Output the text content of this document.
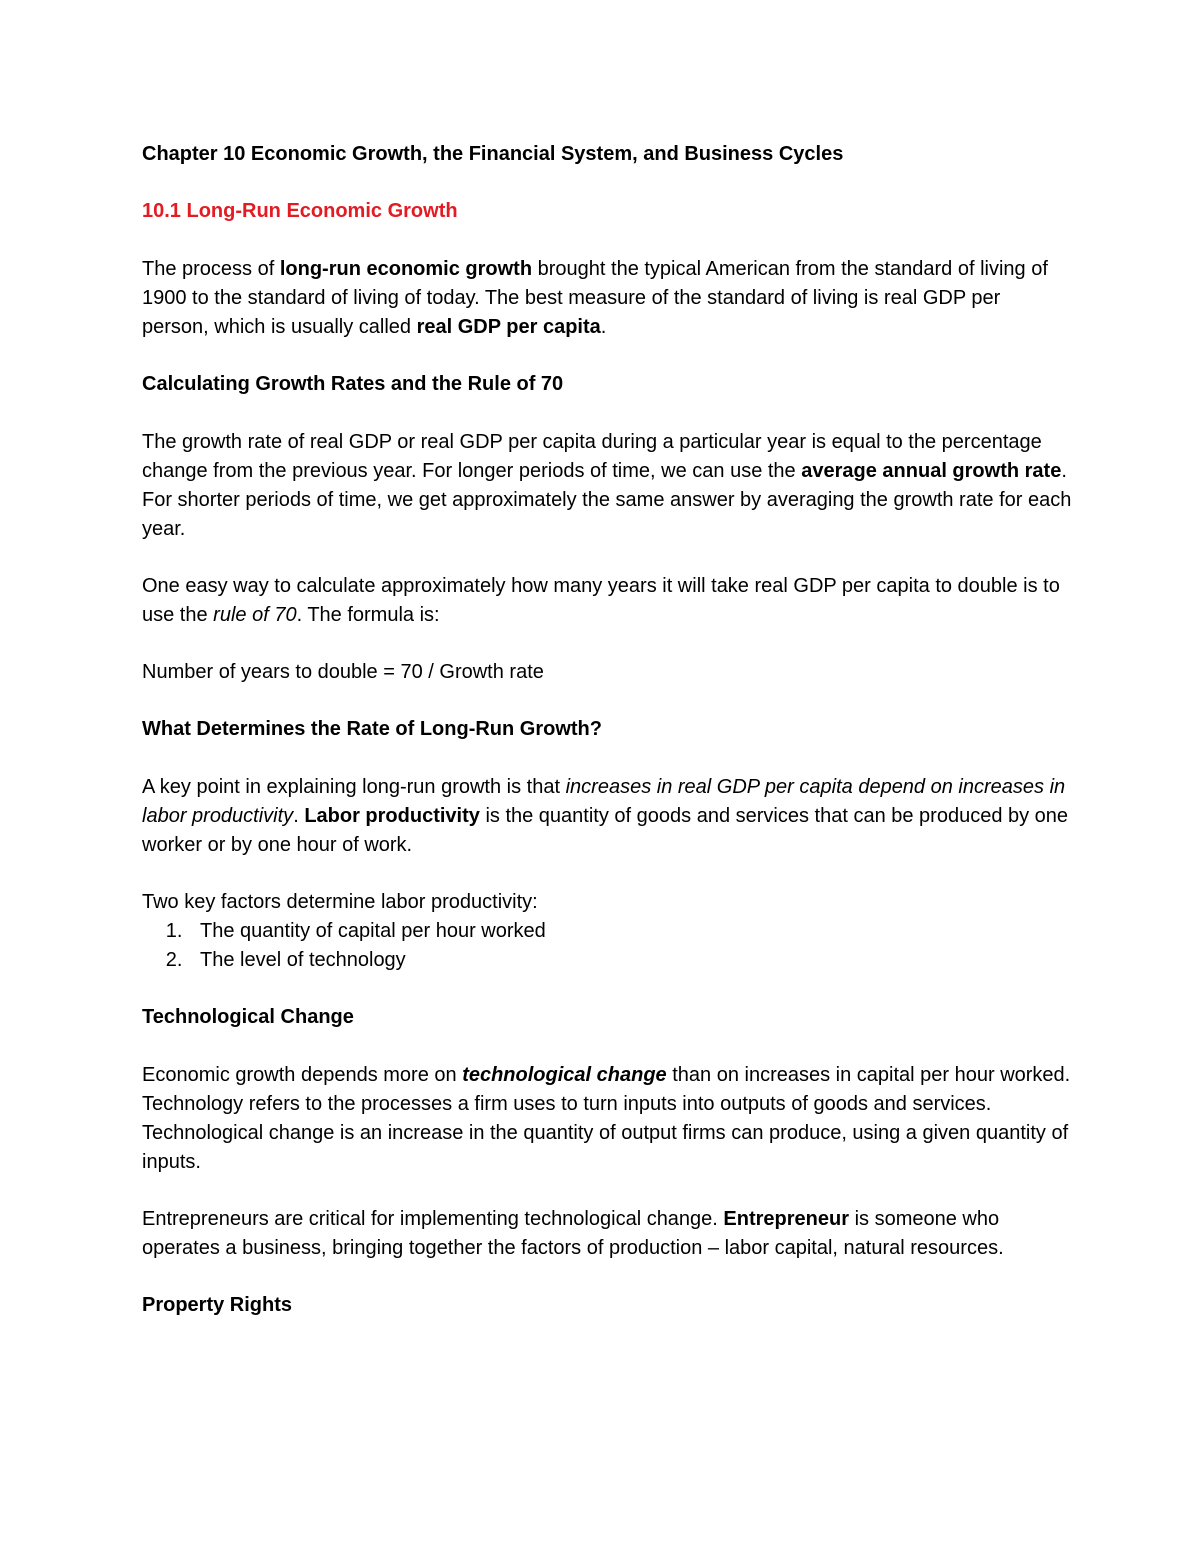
Chapter 10 Economic Growth, the Financial System, and Business Cycles

10.1 Long-Run Economic Growth

The process of long-run economic growth brought the typical American from the standard of living of 1900 to the standard of living of today. The best measure of the standard of living is real GDP per person, which is usually called real GDP per capita.

Calculating Growth Rates and the Rule of 70

The growth rate of real GDP or real GDP per capita during a particular year is equal to the percentage change from the previous year. For longer periods of time, we can use the average annual growth rate. For shorter periods of time, we get approximately the same answer by averaging the growth rate for each year.

One easy way to calculate approximately how many years it will take real GDP per capita to double is to use the rule of 70. The formula is:

Number of years to double = 70 / Growth rate

What Determines the Rate of Long-Run Growth?

A key point in explaining long-run growth is that increases in real GDP per capita depend on increases in labor productivity. Labor productivity is the quantity of goods and services that can be produced by one worker or by one hour of work.

Two key factors determine labor productivity:

1. The quantity of capital per hour worked
2. The level of technology

Technological Change

Economic growth depends more on technological change than on increases in capital per hour worked. Technology refers to the processes a firm uses to turn inputs into outputs of goods and services. Technological change is an increase in the quantity of output firms can produce, using a given quantity of inputs.

Entrepreneurs are critical for implementing technological change. Entrepreneur is someone who operates a business, bringing together the factors of production – labor capital, natural resources.

Property Rights
